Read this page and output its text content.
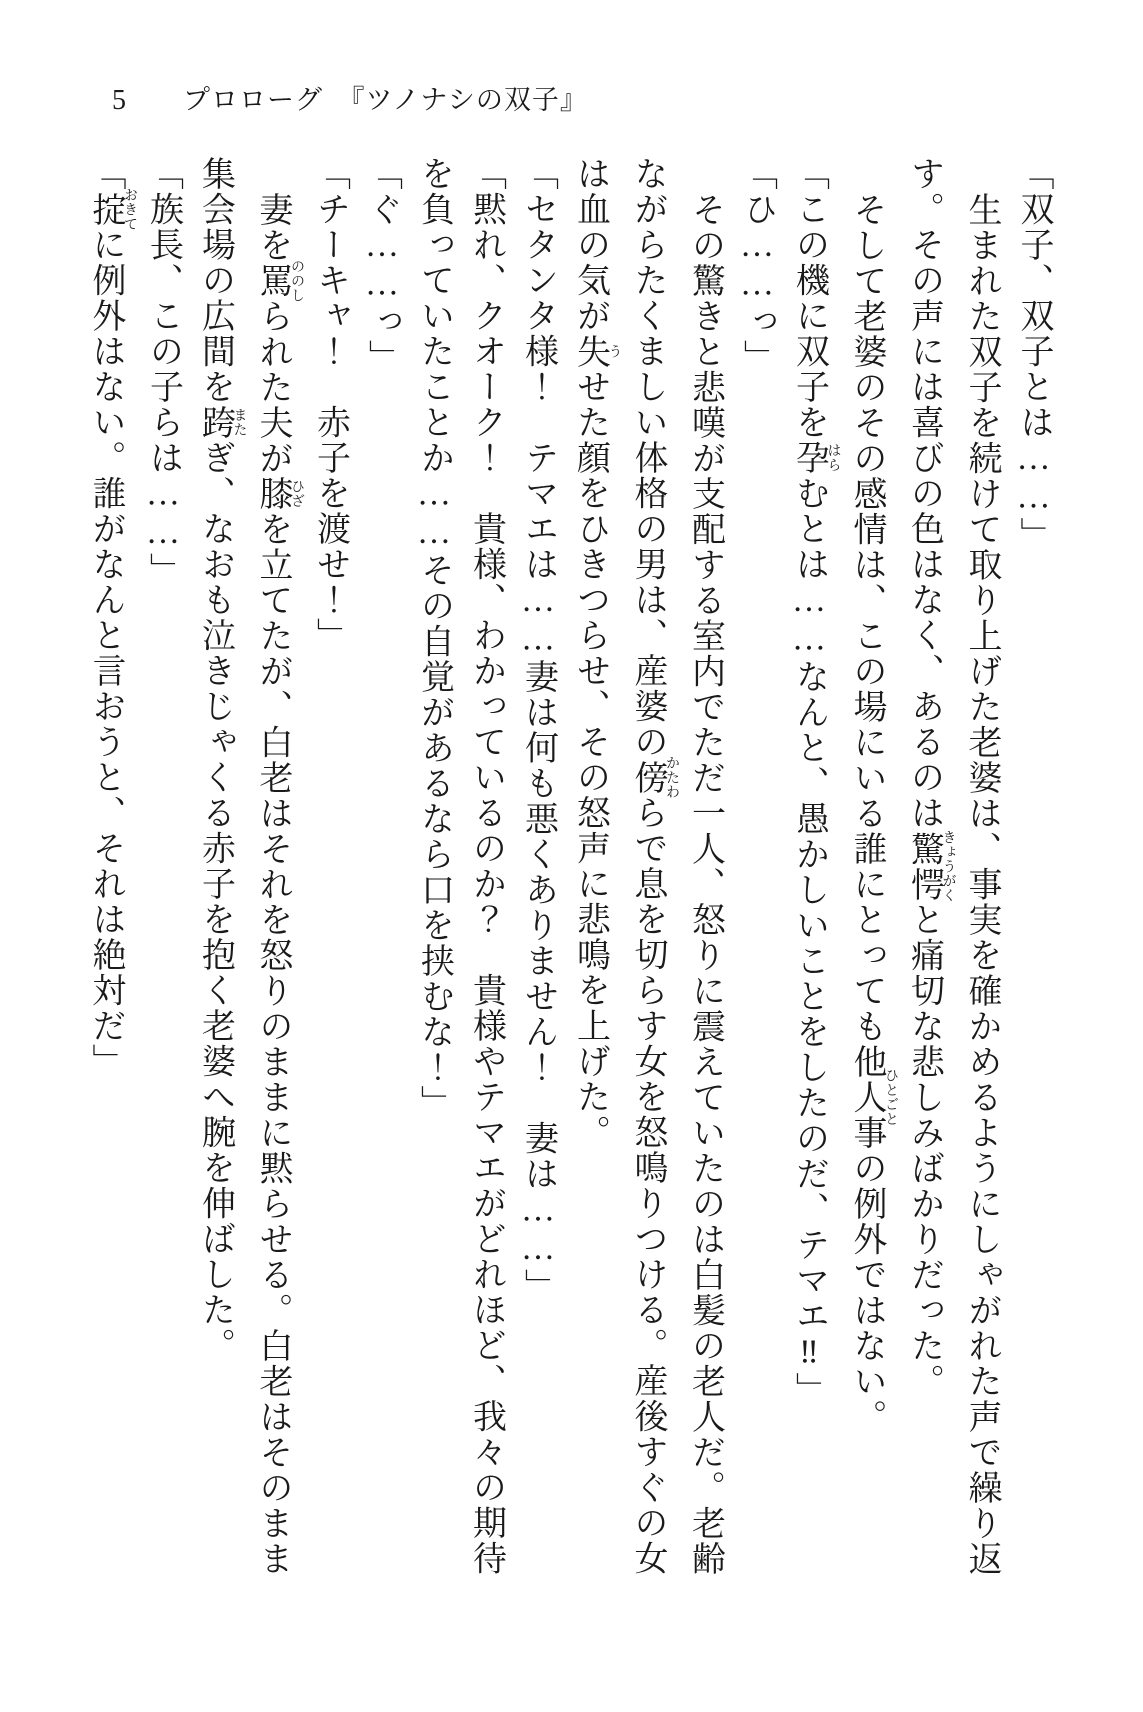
5 プロローグ　『ツノナシの双子』
「双子、双子とは……」
生まれた双子を続けて取り上げた老婆は、事実を確かめるようにしゃがれた声で繰り返
す。その声には喜びの色はなく、あるのは驚愕きょうがくと痛切な悲しみばかりだった。
そして老婆のその感情は、この場にいる誰にとっても他人事ひとごとの例外ではない。
「この機に双子を孕はらむとは……なんと、愚かしいことをしたのだ、テマエ‼」
「ひ……っ」
その驚きと悲嘆が支配する室内でただ一人、怒りに震えていたのは白髪の老人だ。老齢
ながらたくましい体格の男は、産婆の傍かたわらで息を切らす女を怒鳴りつける。産後すぐの女
は血の気が失うせた顔をひきつらせ、その怒声に悲鳴を上げた。
「セタンタ様！　テマエは……妻は何も悪くありません！　妻は……」
「黙れ、クオーク！　貴様、わかっているのか？　貴様やテマエがどれほど、我々の期待
を負っていたことか……その自覚があるなら口を挟むな！」
「ぐ……っ」
「チーキャ！　赤子を渡せ！」
妻を罵ののしられた夫が膝ひざを立てたが、白老はそれを怒りのままに黙らせる。白老はそのまま
集会場の広間を跨またぎ、なおも泣きじゃくる赤子を抱く老婆へ腕を伸ばした。
「族長、この子らは……」
「掟おきてに例外はない。誰がなんと言おうと、それは絶対だ」
